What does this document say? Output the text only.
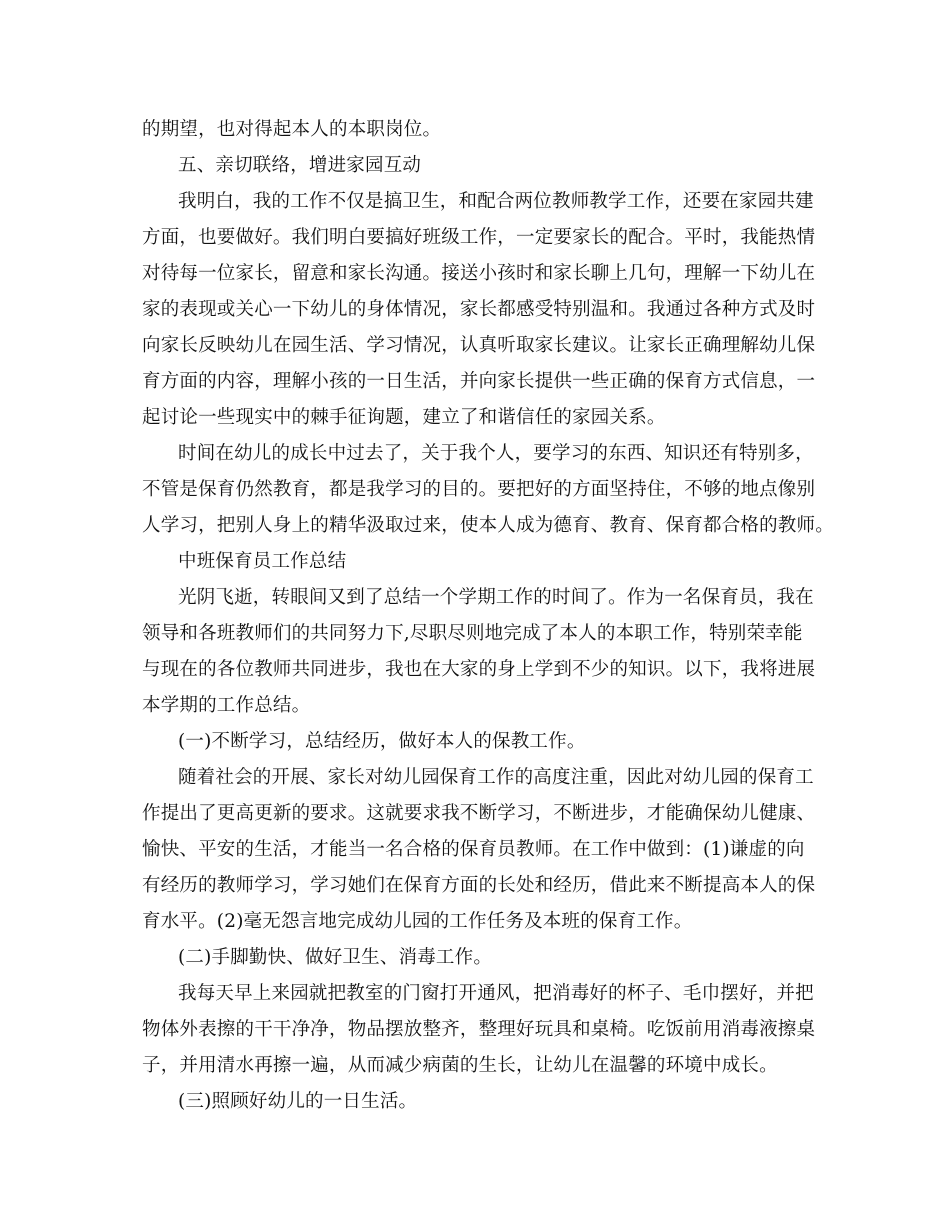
的期望，也对得起本人的本职岗位。
五、亲切联络，增进家园互动
我明白，我的工作不仅是搞卫生，和配合两位教师教学工作，还要在家园共建
方面，也要做好。我们明白要搞好班级工作，一定要家长的配合。平时，我能热情
对待每一位家长，留意和家长沟通。接送小孩时和家长聊上几句，理解一下幼儿在
家的表现或关心一下幼儿的身体情况，家长都感受特别温和。我通过各种方式及时
向家长反映幼儿在园生活、学习情况，认真听取家长建议。让家长正确理解幼儿保
育方面的内容，理解小孩的一日生活，并向家长提供一些正确的保育方式信息，一
起讨论一些现实中的棘手征询题，建立了和谐信任的家园关系。
时间在幼儿的成长中过去了，关于我个人，要学习的东西、知识还有特别多，
不管是保育仍然教育，都是我学习的目的。要把好的方面坚持住，不够的地点像别
人学习，把别人身上的精华汲取过来，使本人成为德育、教育、保育都合格的教师。
中班保育员工作总结
光阴飞逝，转眼间又到了总结一个学期工作的时间了。作为一名保育员，我在
领导和各班教师们的共同努力下,尽职尽则地完成了本人的本职工作，特别荣幸能
与现在的各位教师共同进步，我也在大家的身上学到不少的知识。以下，我将进展
本学期的工作总结。
(一)不断学习，总结经历，做好本人的保教工作。
随着社会的开展、家长对幼儿园保育工作的高度注重，因此对幼儿园的保育工
作提出了更高更新的要求。这就要求我不断学习，不断进步，才能确保幼儿健康、
愉快、平安的生活，才能当一名合格的保育员教师。在工作中做到：(1)谦虚的向
有经历的教师学习，学习她们在保育方面的长处和经历，借此来不断提高本人的保
育水平。(2)毫无怨言地完成幼儿园的工作任务及本班的保育工作。
(二)手脚勤快、做好卫生、消毒工作。
我每天早上来园就把教室的门窗打开通风，把消毒好的杯子、毛巾摆好，并把
物体外表擦的干干净净，物品摆放整齐，整理好玩具和桌椅。吃饭前用消毒液擦桌
子，并用清水再擦一遍，从而减少病菌的生长，让幼儿在温馨的环境中成长。
(三)照顾好幼儿的一日生活。
